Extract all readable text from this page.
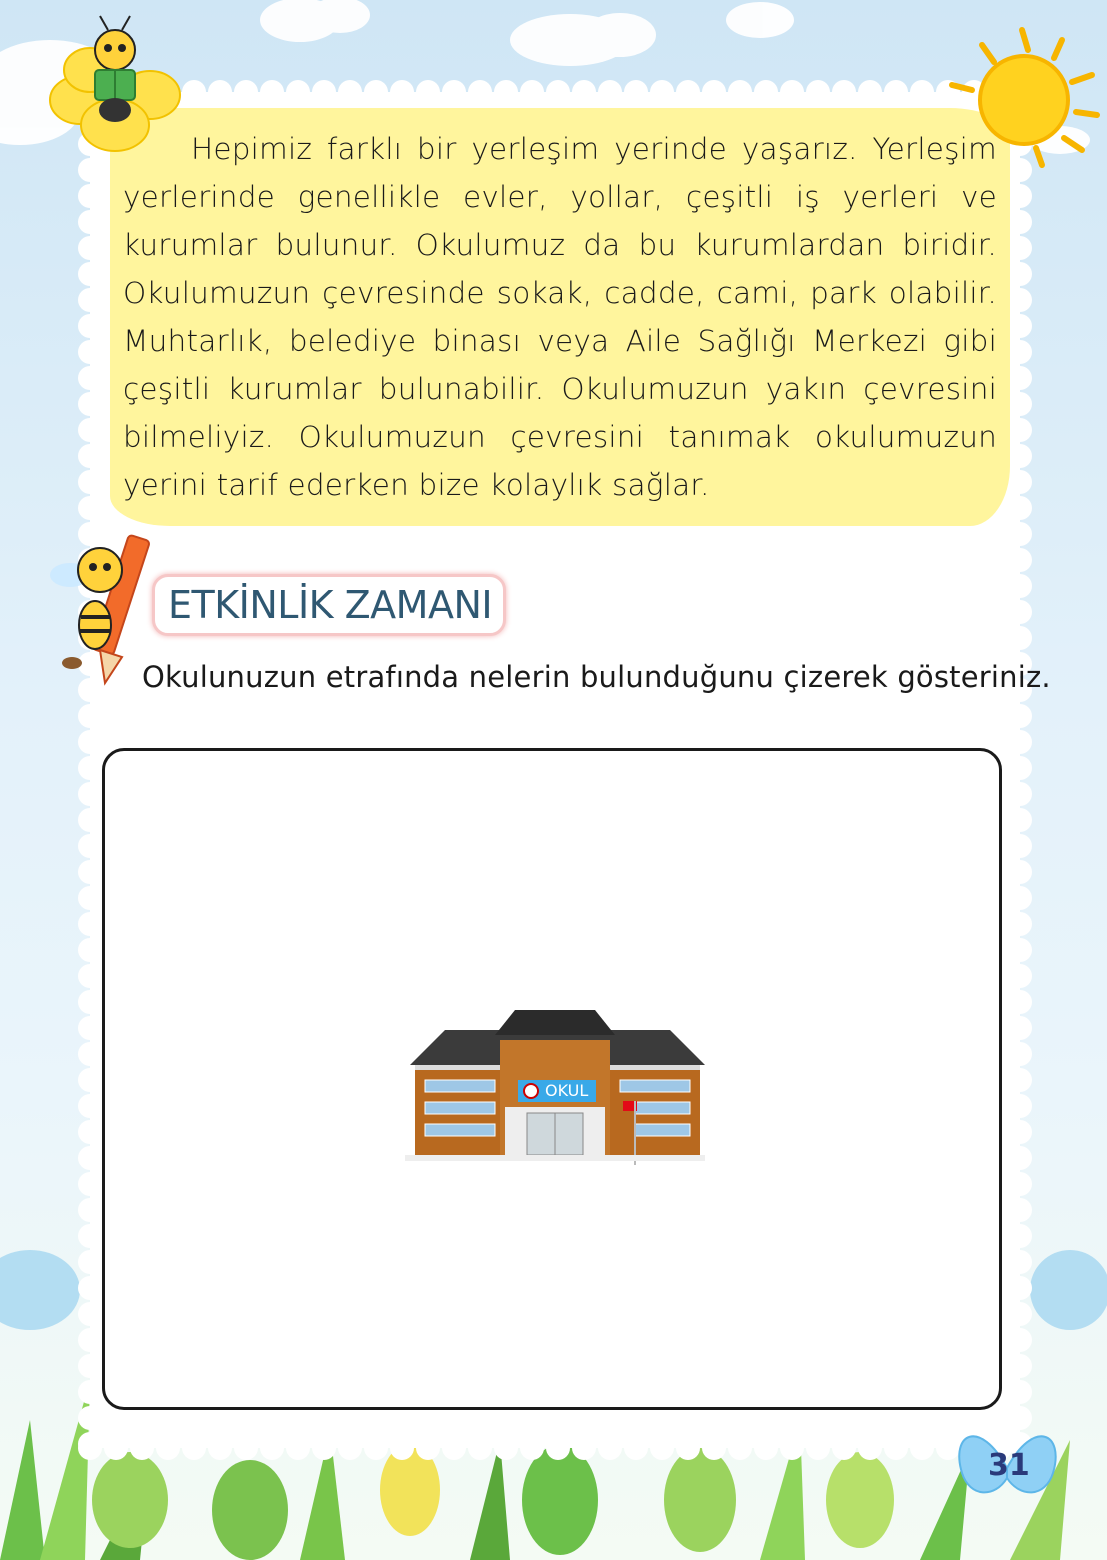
Hepimiz farklı bir yerleşim yerinde yaşarız. Yerleşim yerlerinde genellikle evler, yollar, çeşitli iş yerleri ve kurumlar bulunur. Okulumuz da bu kurumlardan biridir. Okulumuzun çevresinde sokak, cadde, cami, park olabilir. Muhtarlık, belediye binası veya Aile Sağlığı Merkezi gibi çeşitli kurumlar bulunabilir. Okulumuzun yakın çevresini bilmeliyiz. Okulumuzun çevresini tanımak okulumuzun yerini tarif ederken bize kolaylık sağlar.

ETKİNLİK ZAMANI
Okulunuzun etrafında nelerin bulunduğunu çizerek gösteriniz.
OKUL
31
